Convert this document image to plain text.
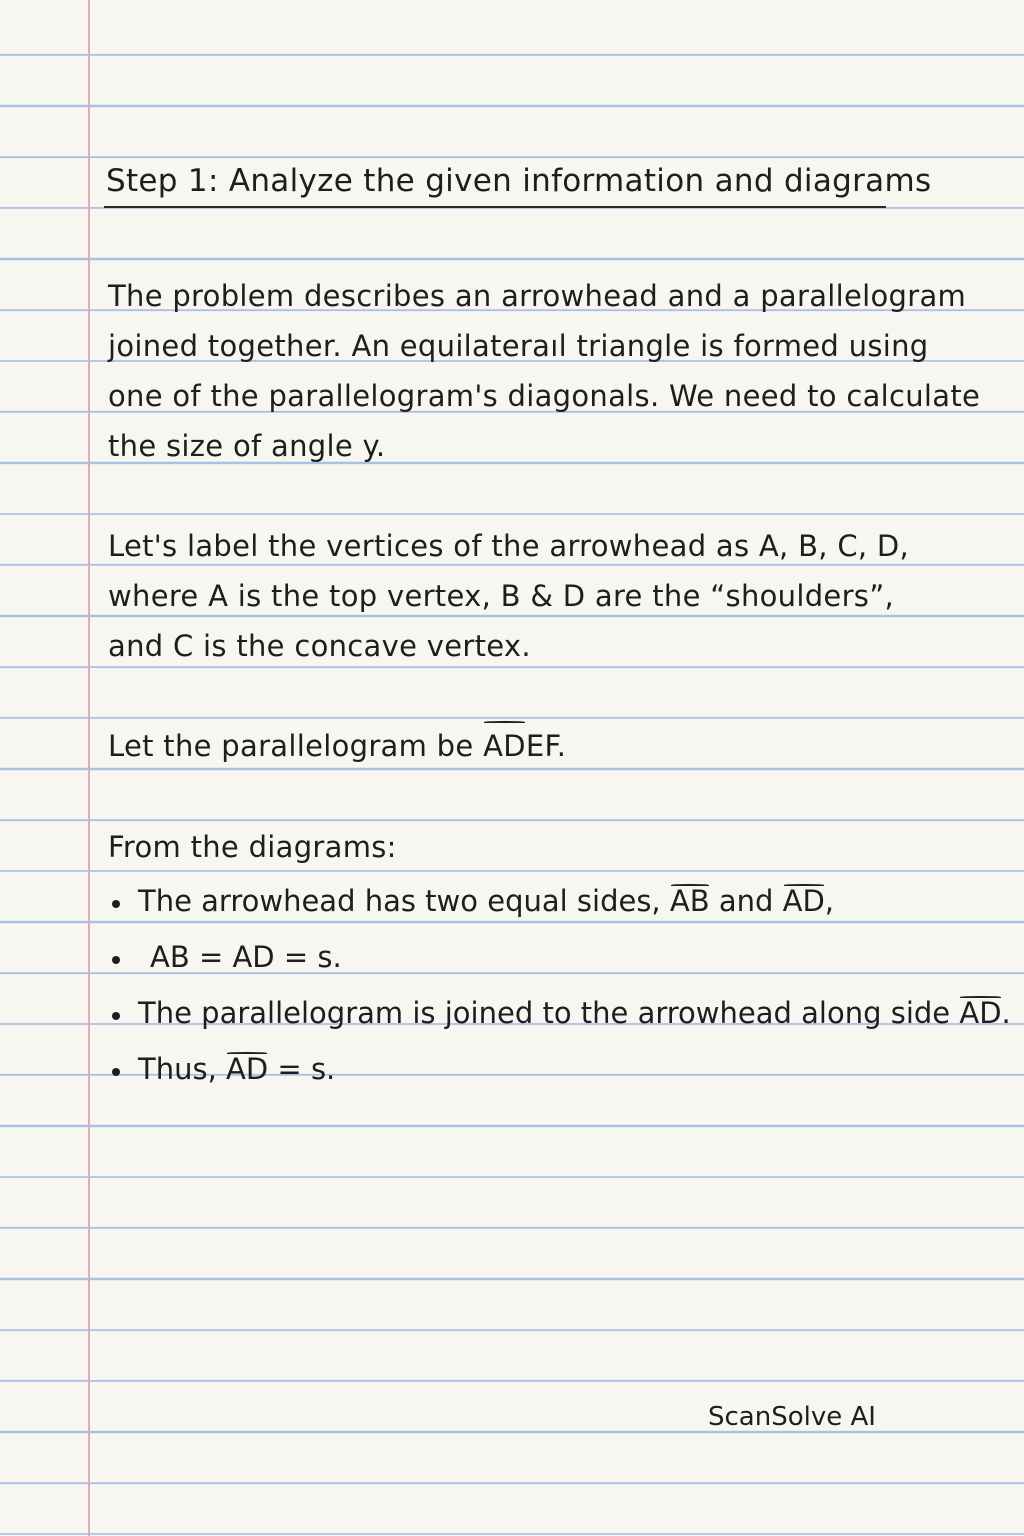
Step 1: Analyze the given information and diagrams
The problem describes an arrowhead and a parallelogram
joined together. An equilateraıl triangle is formed using
one of the parallelogram's diagonals. We need to calculate
the size of angle y.
Let's label the vertices of the arrowhead as A, B, C, D,
where A is the top vertex, B & D are the “shoulders”,
and C is the concave vertex.
Let the parallelogram be ADEF.
From the diagrams:
The arrowhead has two equal sides, AB and AD,
AB = AD = s.
The parallelogram is joined to the arrowhead along side AD.
Thus, AD = s.
ScanSolve AI
